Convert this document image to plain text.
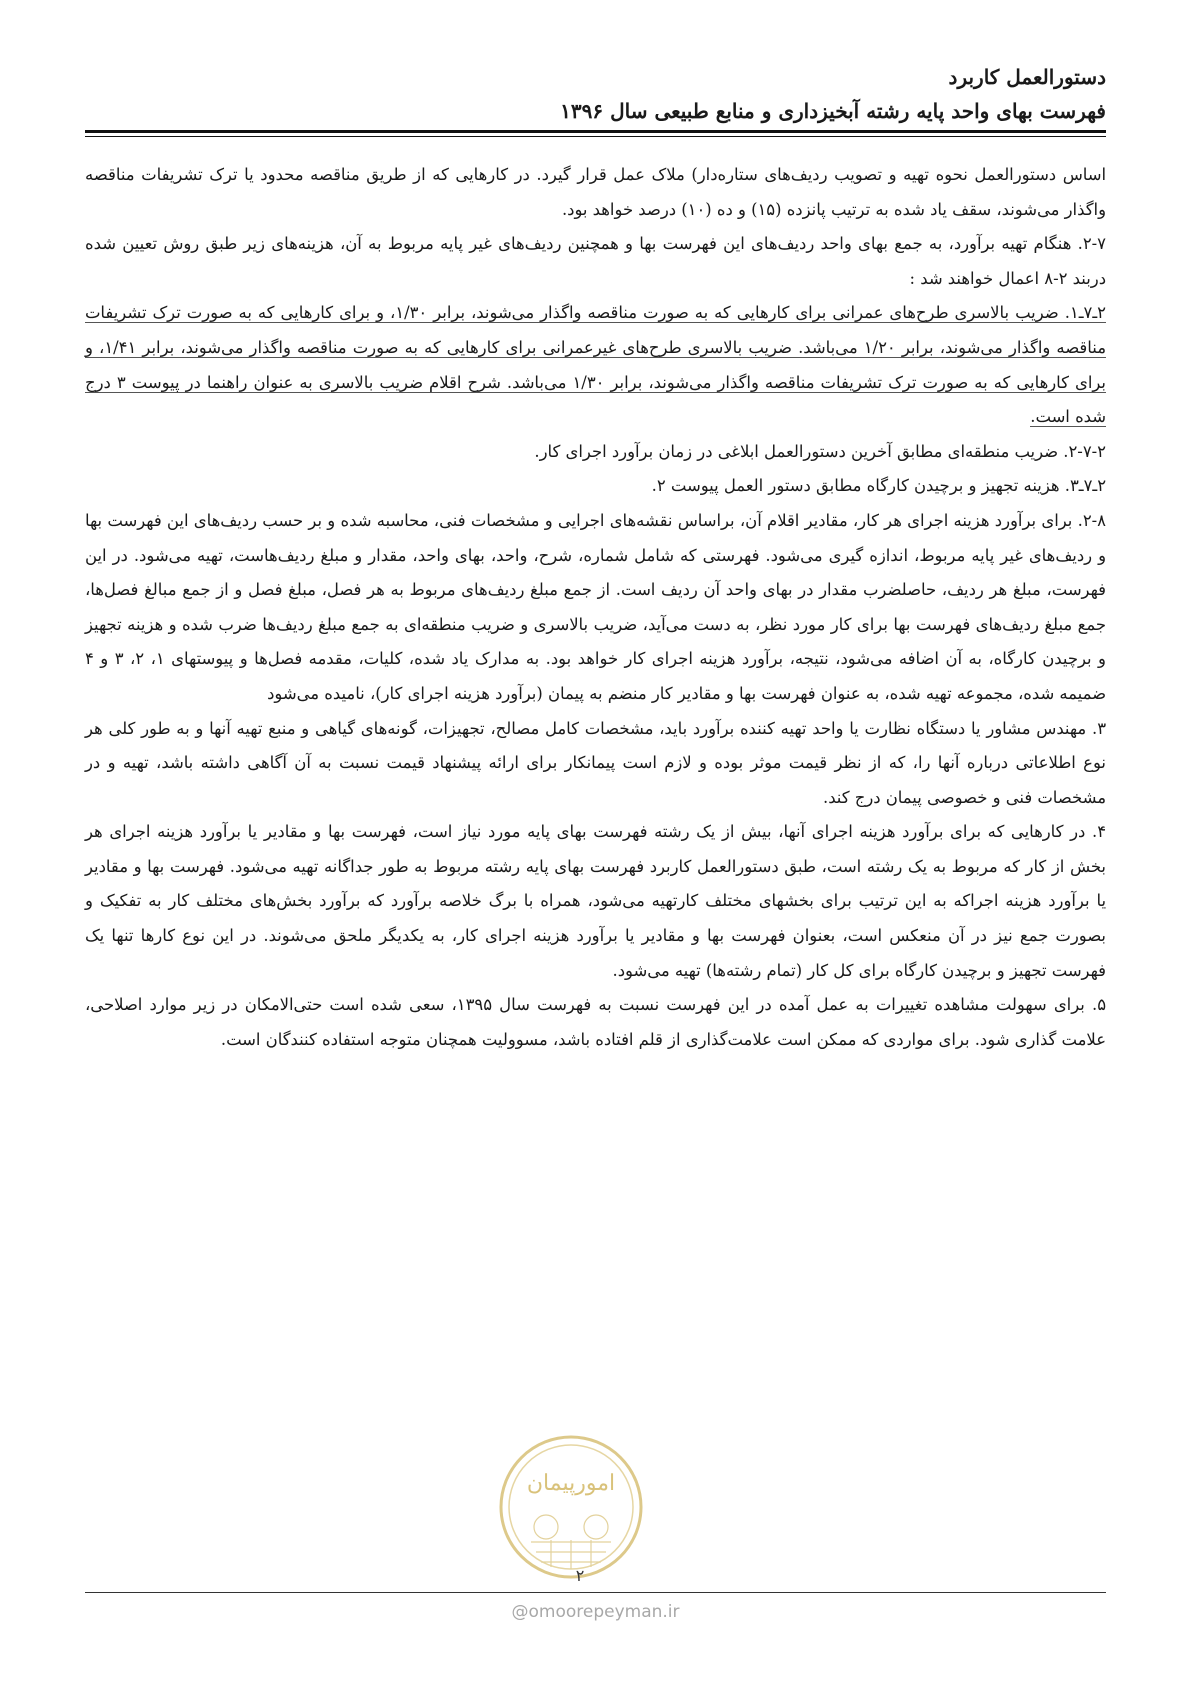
دستورالعمل کاربرد
فهرست بهای واحد پایه رشته آبخیزداری و منابع طبیعی سال ۱۳۹۶

اساس دستورالعمل نحوه تهیه و تصویب ردیف‌های ستاره‌دار) ملاک عمل قرار گیرد. در کارهایی که از طریق مناقصه محدود یا ترک تشریفات مناقصه واگذار می‌شوند، سقف یاد شده به ترتیب پانزده (۱۵) و ده (۱۰) درصد خواهد بود.

۲-۷. هنگام تهیه برآورد، به جمع بهای واحد ردیف‌های این فهرست بها و همچنین ردیف‌های غیر پایه مربوط به آن، هزینه‌های زیر طبق روش تعیین شده دربند ۲-۸ اعمال خواهند شد :

۲ـ۷ـ۱. ضریب بالاسری طرح‌های عمرانی برای کارهایی که به صورت مناقصه واگذار می‌شوند، برابر ۱/۳۰، و برای کارهایی که به صورت ترک تشریفات مناقصه واگذار می‌شوند، برابر ۱/۲۰ می‌باشد. ضریب بالاسری طرح‌های غیرعمرانی برای کارهایی که به صورت مناقصه واگذار می‌شوند، برابر ۱/۴۱، و برای کارهایی که به صورت ترک تشریفات مناقصه واگذار می‌شوند، برابر ۱/۳۰ می‌باشد. شرح اقلام ضریب بالاسری به عنوان راهنما در پیوست ۳ درج شده است.

۲-۷-۲. ضریب منطقه‌ای مطابق آخرین دستورالعمل ابلاغی در زمان برآورد اجرای کار.

۲ـ۷ـ۳. هزینه تجهیز و برچیدن کارگاه مطابق دستور العمل پیوست ۲.

۲-۸. برای برآورد هزینه اجرای هر کار، مقادیر اقلام آن، براساس نقشه‌های اجرایی و مشخصات فنی، محاسبه شده و بر حسب ردیف‌های این فهرست بها و ردیف‌های غیر پایه مربوط، اندازه گیری می‌شود. فهرستی که شامل شماره، شرح، واحد، بهای واحد، مقدار و مبلغ ردیف‌هاست، تهیه می‌شود. در این فهرست، مبلغ هر ردیف، حاصلضرب مقدار در بهای واحد آن ردیف است. از جمع مبلغ ردیف‌های مربوط به هر فصل، مبلغ فصل و از جمع مبالغ فصل‌ها، جمع مبلغ ردیف‌های فهرست بها برای کار مورد نظر، به دست می‌آید، ضریب بالاسری و ضریب منطقه‌ای به جمع مبلغ ردیف‌ها ضرب شده و هزینه تجهیز و برچیدن کارگاه، به آن اضافه می‌شود، نتیجه، برآورد هزینه اجرای کار خواهد بود. به مدارک یاد شده، کلیات، مقدمه فصل‌ها و پیوستهای ۱، ۲، ۳ و ۴ ضمیمه شده، مجموعه تهیه شده، به عنوان فهرست بها و مقادیر کار منضم به پیمان (برآورد هزینه اجرای کار)، نامیده می‌شود

۳. مهندس مشاور یا دستگاه نظارت یا واحد تهیه کننده برآورد باید، مشخصات کامل مصالح، تجهیزات، گونه‌های گیاهی و منبع تهیه آنها و به طور کلی هر نوع اطلاعاتی درباره آنها را، که از نظر قیمت موثر بوده و لازم است پیمانکار برای ارائه پیشنهاد قیمت نسبت به آن آگاهی داشته باشد، تهیه و در مشخصات فنی و خصوصی پیمان درج کند.

۴. در کارهایی که برای برآورد هزینه اجرای آنها، بیش از یک رشته فهرست بهای پایه مورد نیاز است، فهرست بها و مقادیر یا برآورد هزینه اجرای هر بخش از کار که مربوط به یک رشته است، طبق دستورالعمل کاربرد فهرست بهای پایه رشته مربوط به طور جداگانه تهیه می‌شود. فهرست بها و مقادیر یا برآورد هزینه اجراکه به این ترتیب برای بخشهای مختلف کارتهیه می‌شود، همراه با برگ خلاصه برآورد که برآورد بخش‌های مختلف کار به تفکیک و بصورت جمع نیز در آن منعکس است، بعنوان فهرست بها و مقادیر یا برآورد هزینه اجرای کار، به یکدیگر ملحق می‌شوند. در این نوع کارها تنها یک فهرست تجهیز و برچیدن کارگاه برای کل کار (تمام رشته‌ها) تهیه می‌شود.

۵. برای سهولت مشاهده تغییرات به عمل آمده در این فهرست نسبت به فهرست سال ۱۳۹۵، سعی شده است حتی‌الامکان در زیر موارد اصلاحی، علامت گذاری شود. برای مواردی که ممکن است علامت‌گذاری از قلم افتاده باشد، مسوولیت همچنان متوجه استفاده کنندگان است.

امورپیمان
۲
@omoorepeyman.ir
